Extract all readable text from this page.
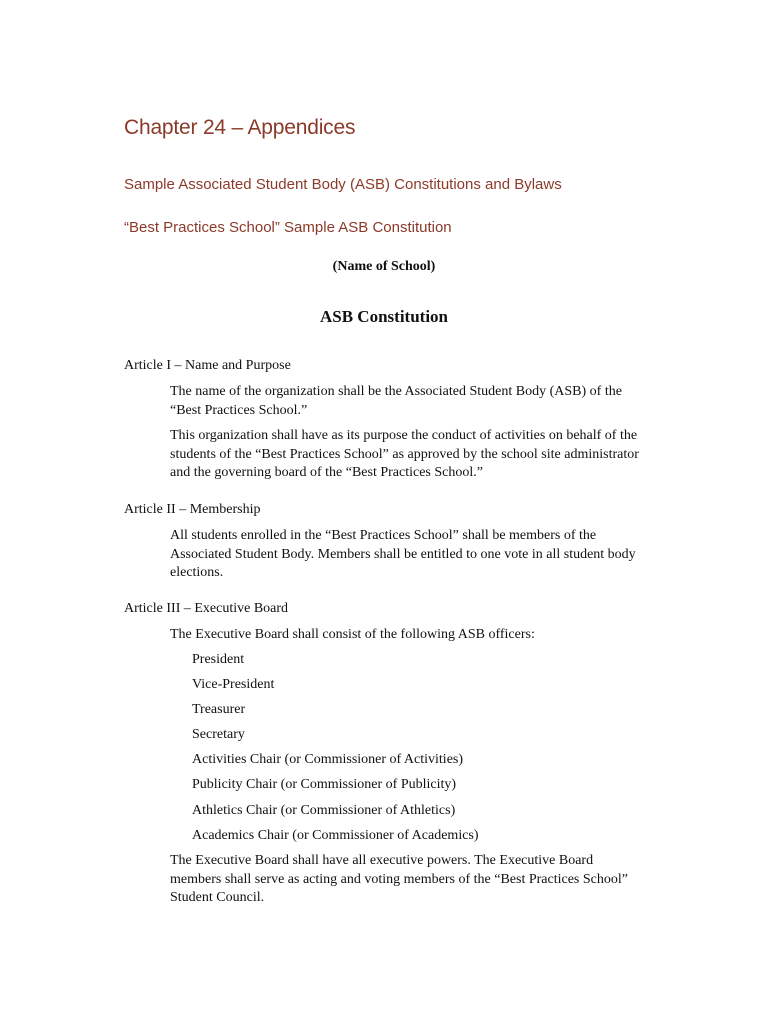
Chapter 24 – Appendices
Sample Associated Student Body (ASB) Constitutions and Bylaws
“Best Practices School” Sample ASB Constitution
(Name of School)
ASB Constitution
Article I – Name and Purpose
The name of the organization shall be the Associated Student Body (ASB) of the “Best Practices School.”
This organization shall have as its purpose the conduct of activities on behalf of the students of the “Best Practices School” as approved by the school site administrator and the governing board of the “Best Practices School.”
Article II – Membership
All students enrolled in the “Best Practices School” shall be members of the Associated Student Body. Members shall be entitled to one vote in all student body elections.
Article III – Executive Board
The Executive Board shall consist of the following ASB officers:
President
Vice-President
Treasurer
Secretary
Activities Chair (or Commissioner of Activities)
Publicity Chair (or Commissioner of Publicity)
Athletics Chair (or Commissioner of Athletics)
Academics Chair (or Commissioner of Academics)
The Executive Board shall have all executive powers. The Executive Board members shall serve as acting and voting members of the “Best Practices School” Student Council.
